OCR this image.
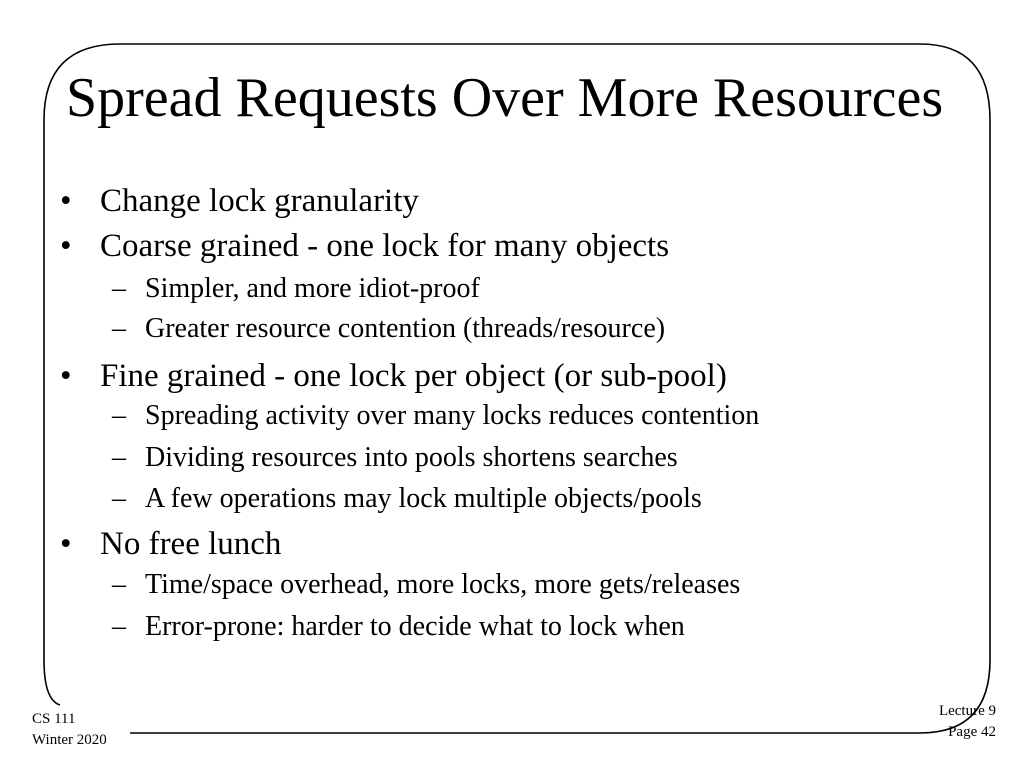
Spread Requests Over More Resources
• Change lock granularity
• Coarse grained - one lock for many objects
– Simpler, and more idiot-proof
– Greater resource contention (threads/resource)
• Fine grained - one lock per object (or sub-pool)
– Spreading activity over many locks reduces contention
– Dividing resources into pools shortens searches
– A few operations may lock multiple objects/pools
• No free lunch
– Time/space overhead, more locks, more gets/releases
– Error-prone: harder to decide what to lock when
CS 111
Winter 2020
Lecture 9
Page 42
